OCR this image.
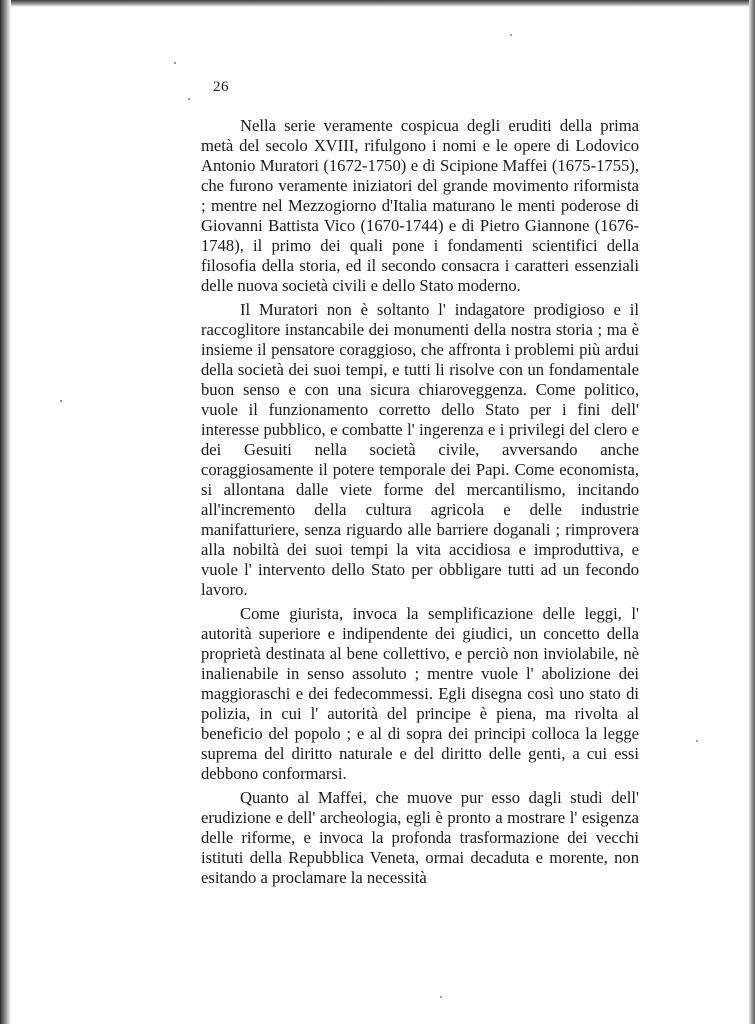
26

Nella serie veramente cospicua degli eruditi della prima metà del secolo XVIII, rifulgono i nomi e le opere di Lodovico Antonio Muratori (1672-1750) e di Scipione Maffei (1675-1755), che furono veramente iniziatori del grande movimento riformista ; mentre nel Mezzogiorno d'Italia maturano le menti poderose di Giovanni Battista Vico (1670-1744) e di Pietro Giannone (1676-1748), il primo dei quali pone i fondamenti scientifici della filosofia della storia, ed il secondo consacra i caratteri essenziali delle nuova società civili e dello Stato moderno.

Il Muratori non è soltanto l' indagatore prodigioso e il raccoglitore instancabile dei monumenti della nostra storia ; ma è insieme il pensatore coraggioso, che affronta i problemi più ardui della società dei suoi tempi, e tutti li risolve con un fondamentale buon senso e con una sicura chiaroveggenza. Come politico, vuole il funzionamento corretto dello Stato per i fini dell' interesse pubblico, e combatte l' ingerenza e i privilegi del clero e dei Gesuiti nella società civile, avversando anche coraggiosamente il potere temporale dei Papi. Come economista, si allontana dalle viete forme del mercantilismo, incitando all'incremento della cultura agricola e delle industrie manifatturiere, senza riguardo alle barriere doganali ; rimprovera alla nobiltà dei suoi tempi la vita accidiosa e improduttiva, e vuole l' intervento dello Stato per obbligare tutti ad un fecondo lavoro.

Come giurista, invoca la semplificazione delle leggi, l' autorità superiore e indipendente dei giudici, un concetto della proprietà destinata al bene collettivo, e perciò non inviolabile, nè inalienabile in senso assoluto ; mentre vuole l' abolizione dei maggioraschi e dei fedecommessi. Egli disegna così uno stato di polizia, in cui l' autorità del principe è piena, ma rivolta al beneficio del popolo ; e al di sopra dei principi colloca la legge suprema del diritto naturale e del diritto delle genti, a cui essi debbono conformarsi.

Quanto al Maffei, che muove pur esso dagli studi dell' erudizione e dell' archeologia, egli è pronto a mostrare l' esigenza delle riforme, e invoca la profonda trasformazione dei vecchi istituti della Repubblica Veneta, ormai decaduta e morente, non esitando a proclamare la necessità
